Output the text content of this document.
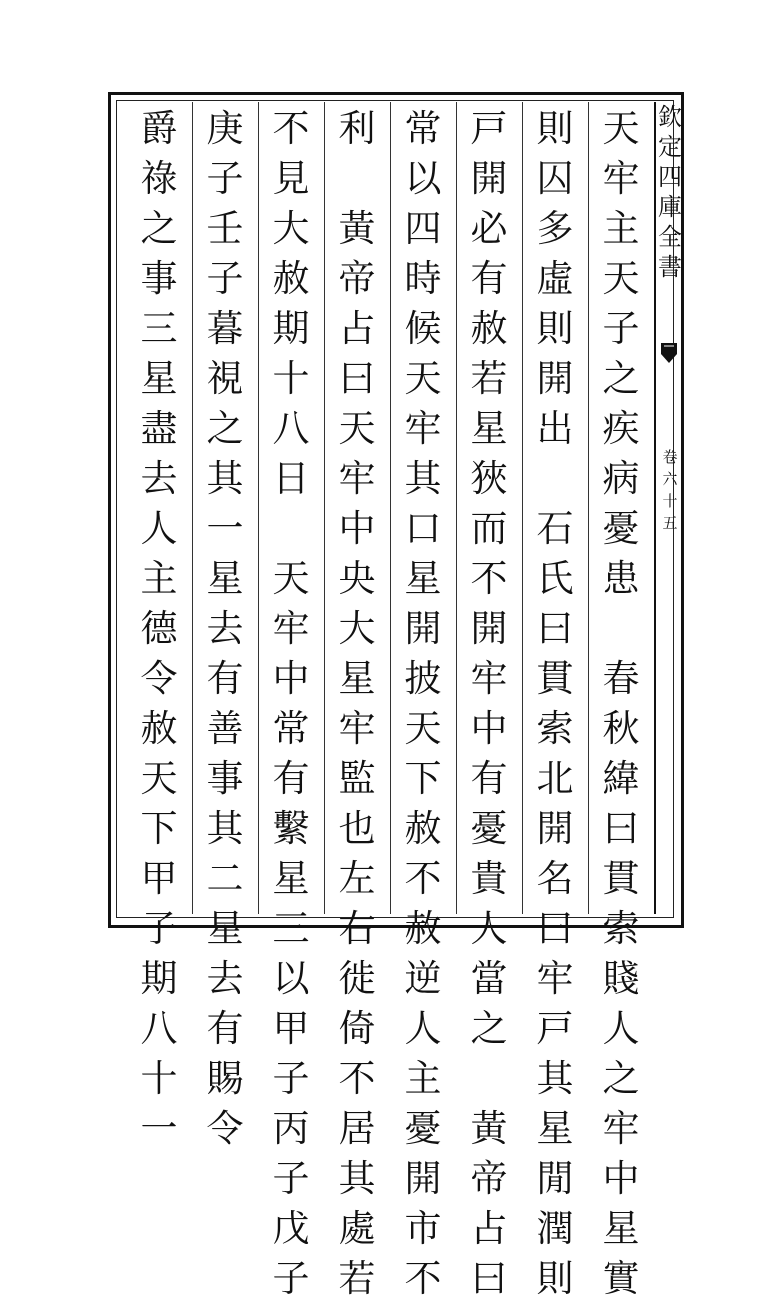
欽
定
四
庫
全
書
卷
六
十
五
天
牢
主
天
子
之
疾
病
憂
患

春
秋
緯
曰
貫
索
賤
人
之
牢
中
星
實
則
囚
多
虛
則
開
出

石
氏
曰
貫
索
北
開
名
曰
牢
戸
其
星
閒
潤
則
戸
開
必
有
赦
若
星
狹
而
不
開
牢
中
有
憂
貴
人
當
之

黃
帝
占
曰
常
以
四
時
候
天
牢
其
口
星
開
披
天
下
赦
不
赦
逆
人
主
憂
開
市
不
利

黃
帝
占
曰
天
牢
中
央
大
星
牢
監
也
左
右
徙
倚
不
居
其
處
若
不
見
大
赦
期
十
八
日

天
牢
中
常
有
繫
星
三
以
甲
子
丙
子
戊
子
庚
子
壬
子
暮
視
之
其
一
星
去
有
善
事
其
二
星
去
有
賜
令
爵
祿
之
事
三
星
盡
去
人
主
德
令
赦
天
下
甲
子
期
八
十
一
